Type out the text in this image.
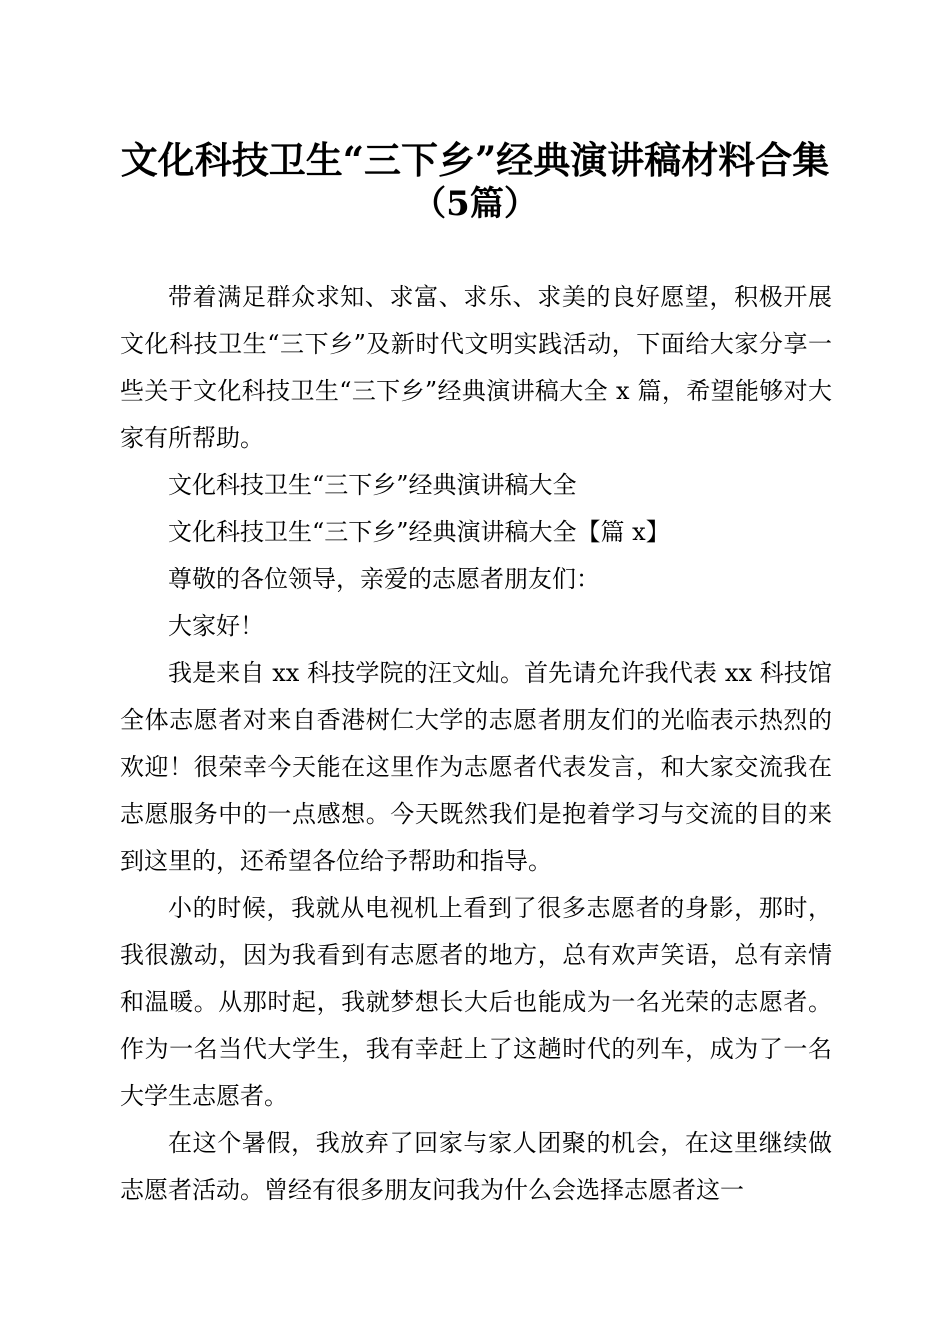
文化科技卫生“三下乡”经典演讲稿材料合集
（5篇）

带着满足群众求知、求富、求乐、求美的良好愿望，积极开展文化科技卫生“三下乡”及新时代文明实践活动，下面给大家分享一些关于文化科技卫生“三下乡”经典演讲稿大全 x 篇，希望能够对大家有所帮助。

文化科技卫生“三下乡”经典演讲稿大全

文化科技卫生“三下乡”经典演讲稿大全【篇 x】

尊敬的各位领导，亲爱的志愿者朋友们：

大家好！

我是来自 xx 科技学院的汪文灿。首先请允许我代表 xx 科技馆全体志愿者对来自香港树仁大学的志愿者朋友们的光临表示热烈的欢迎！很荣幸今天能在这里作为志愿者代表发言，和大家交流我在志愿服务中的一点感想。今天既然我们是抱着学习与交流的目的来到这里的，还希望各位给予帮助和指导。

小的时候，我就从电视机上看到了很多志愿者的身影，那时，我很激动，因为我看到有志愿者的地方，总有欢声笑语，总有亲情和温暖。从那时起，我就梦想长大后也能成为一名光荣的志愿者。作为一名当代大学生，我有幸赶上了这趟时代的列车，成为了一名大学生志愿者。

在这个暑假，我放弃了回家与家人团聚的机会，在这里继续做志愿者活动。曾经有很多朋友问我为什么会选择志愿者这一
